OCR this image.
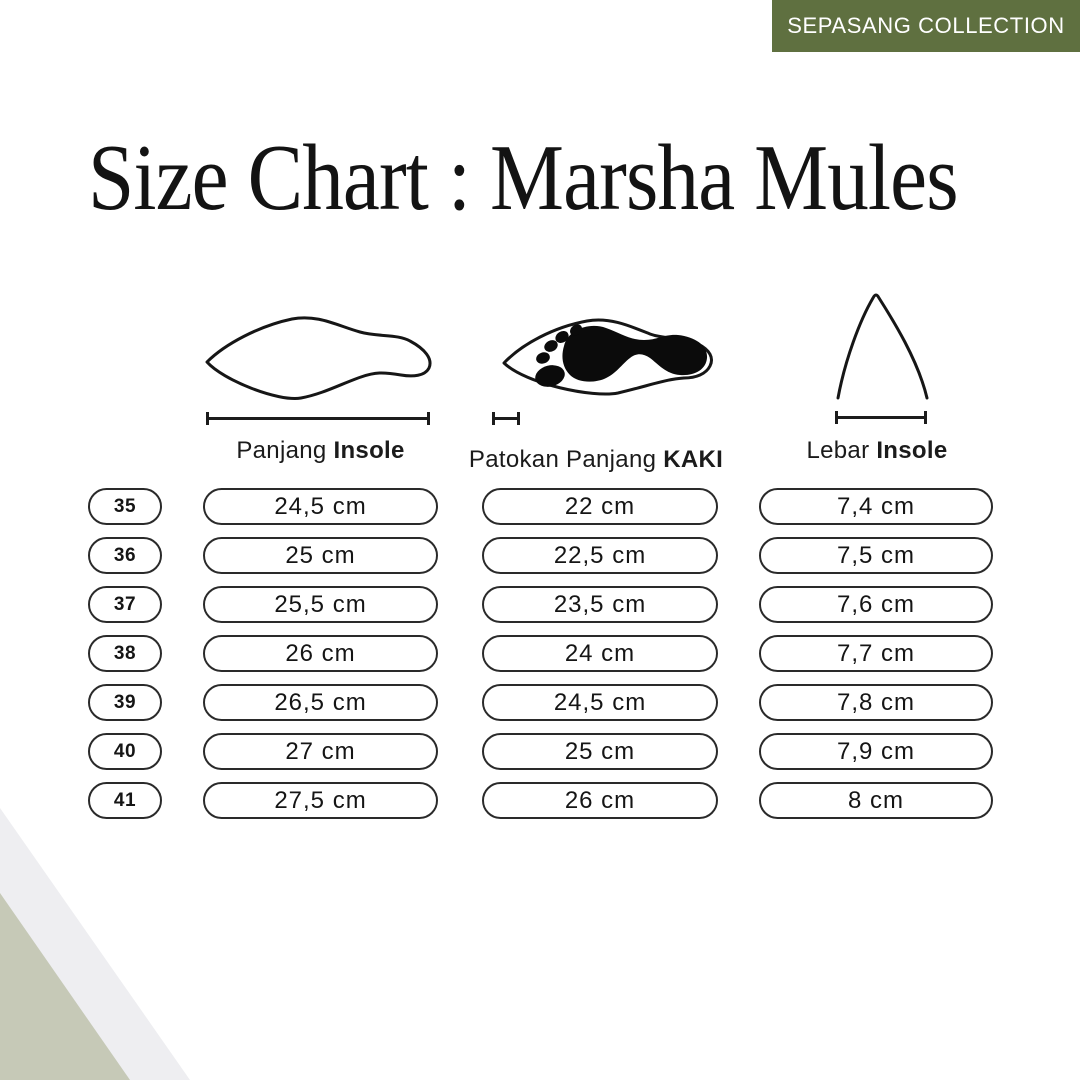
SEPASANG COLLECTION
Size Chart : Marsha Mules
Panjang Insole	Patokan Panjang KAKI	Lebar Insole
35	24,5 cm	22 cm	7,4 cm
36	25 cm	22,5 cm	7,5 cm
37	25,5 cm	23,5 cm	7,6 cm
38	26 cm	24 cm	7,7 cm
39	26,5 cm	24,5 cm	7,8 cm
40	27 cm	25 cm	7,9 cm
41	27,5 cm	26 cm	8 cm
